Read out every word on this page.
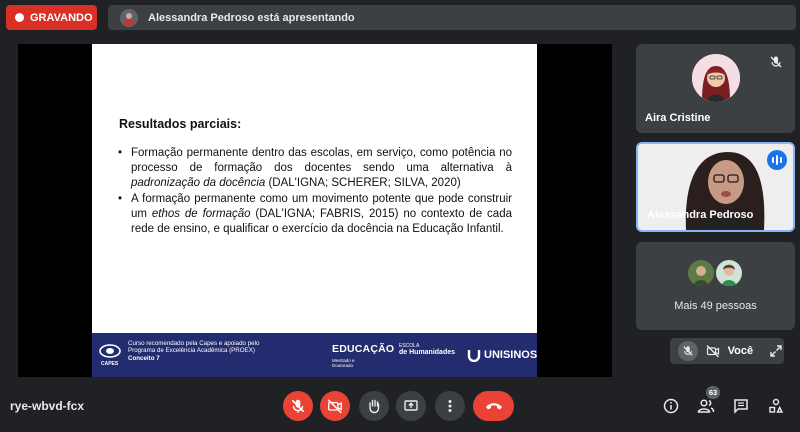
GRAVANDO	Alessandra Pedroso está apresentando
Resultados parciais:
• Formação permanente dentro das escolas, em serviço, como potência no processo de formação dos docentes sendo uma alternativa à padronização da docência (DAL'IGNA; SCHERER; SILVA, 2020)
• A formação permanente como um movimento potente que pode construir um ethos de formação (DAL'IGNA; FABRIS, 2015) no contexto de cada rede de ensino, e qualificar o exercício da docência na Educação Infantil.
CAPES
Curso recomendado pela Capes e apoiado pelo
Programa de Excelência Acadêmica (PROEX)
Conceito 7
EDUCAÇÃO
Mestrado e
Doutorado
ESCOLA
de Humanidades	UNISINOS
Aira Cristine
Alessandra Pedroso
Mais 49 pessoas
Você
rye-wbvd-fcx
63
